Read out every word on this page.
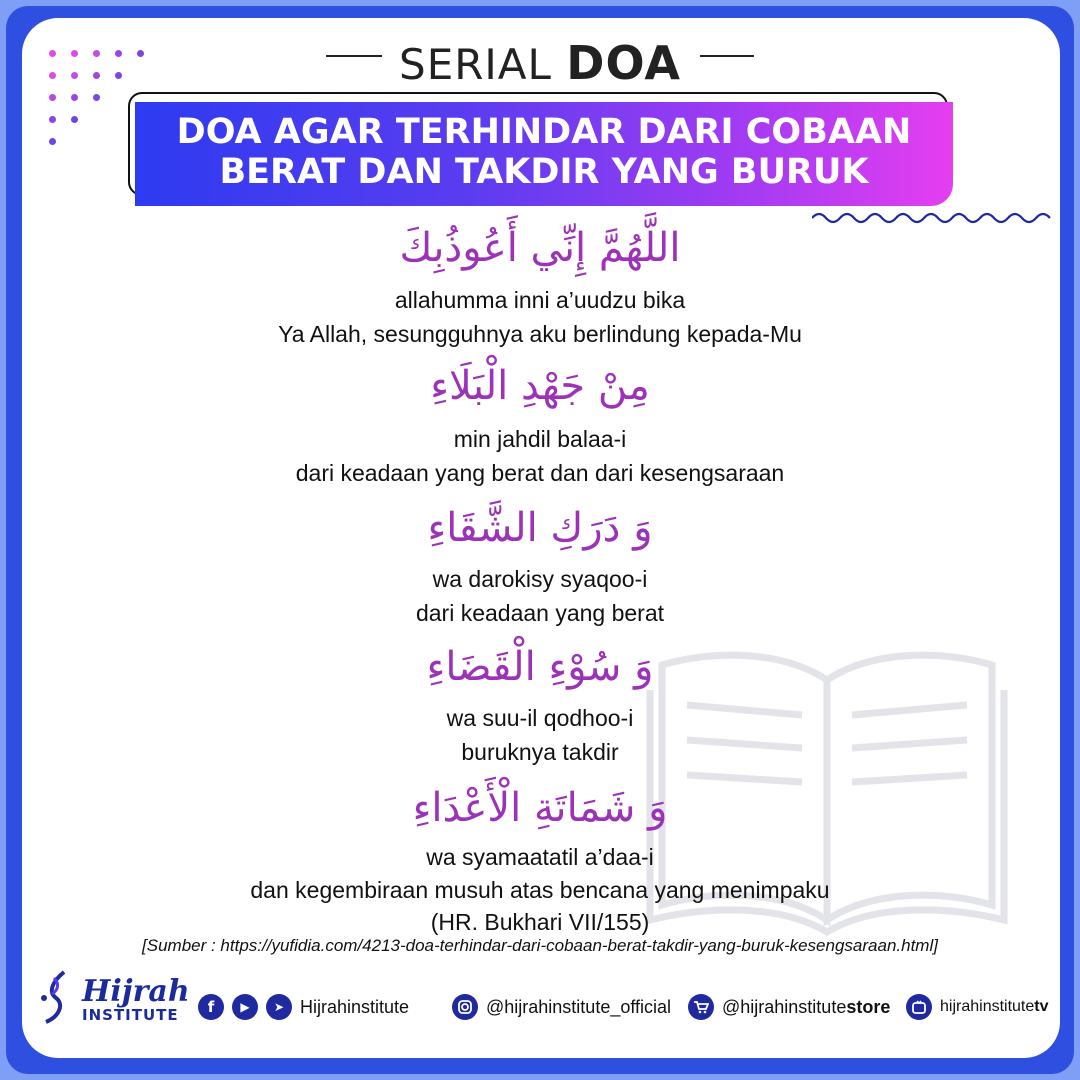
SERIAL DOA
DOA AGAR TERHINDAR DARI COBAAN
BERAT DAN TAKDIR YANG BURUK
اللَّهُمَّ إِنِّي أَعُوذُبِكَ
allahumma inni a’uudzu bika
Ya Allah, sesungguhnya aku berlindung kepada-Mu
مِنْ جَهْدِ الْبَلَاءِ
min jahdil balaa-i
dari keadaan yang berat dan dari kesengsaraan
وَ دَرَكِ الشَّقَاءِ
wa darokisy syaqoo-i
dari keadaan yang berat
وَ سُوْءِ الْقَضَاءِ
wa suu-il qodhoo-i
buruknya takdir
وَ شَمَاتَةِ الْأَعْدَاءِ
wa syamaatatil a’daa-i
dan kegembiraan musuh atas bencana yang menimpaku
(HR. Bukhari VII/155)
[Sumber : https://yufidia.com/4213-doa-terhindar-dari-cobaan-berat-takdir-yang-buruk-kesengsaraan.html]
Hijrah
INSTITUTE	f	▶	➤ Hijrahinstitute	@hijrahinstitute_official	@hijrahinstitutestore	hijrahinstitutetv
